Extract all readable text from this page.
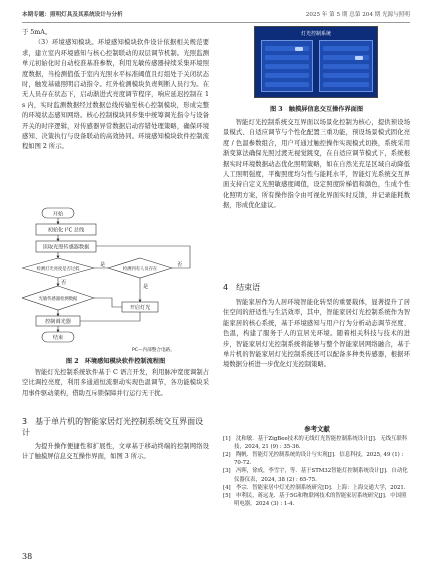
本期专题：照明灯具及其系统设计与分析	2025 年 第 5 期 总第 204 期 光源与照明

于 5mA。

（3）环境感知模块。环境感知模块软件设计依据相关规范要求，建立室内环境感知与核心控制联动的双层调节机制。光照监测单元初始化时自动校准基准参数，利用光敏传感器持续采集环境照度数据，当检测值低于室内光照水平标准阈值且灯组处于关闭状态时，触发基础照明启动指令。红外检测模块负责判断人员行为。在无人员存在状态下，启动渐进式亮度调节程序，响应延迟控制在 1 s 内，实时监测数据经过数据总线传输至核心控制模块，形成完整的环境状态感知网络。核心控制模块同步集中统筹调光指令与设备开关的时序逻辑，对传感器异常数据启动容错处理策略，确保环境感知、决策执行与设备联动的高效协同。环境感知模块软件控制流程如图 2 所示。

开始
初始化 I²C 总线
读取光照传感器数据
检测灯光亮度是否过低	检测到有人员存在
光敏传感器检测数据
开启灯光
控制调光器
结束
是
否
是
否
PC—内部整合电路。
图 2　环境感知模块软件控制流程图

智能灯光控制系统软件基于 C 语言开发，利用脉冲宽度调制占空比调控亮度，利用多通道恒流驱动实现色温调节，各功能模块采用事件驱动架构，借助互斥锁保障并行运行无干扰。

3　基于单片机的智能家居灯光控制系统交互界面设计

为提升操作便捷性和扩展性，文章基于移动终端的控制网络设计了触摸屏信息交互操作界面，如图 3 所示。

38
灯光控制系统
图 3　触摸屏信息交互操作界面图

智能灯光控制系统交互界面以场景化控制为核心，提供预设场景模式、自适应调节与个性化配置三重功能，预设场景模式固化亮度 / 色温参数组合，用户可通过触控操作实现模式切换，系统采用渐变算法确保光照过渡无视觉跳变，在自适应调节模式下，系统根据实时环境数据动态优化照明策略，如在自然光充足区域自动降低人工照明强度，平衡照度均匀性与能耗水平，智能灯光系统交互界面支持自定义光照敏感度阈值，设定照度阶梯值和颜色，生成个性化照明方案，所有操作指令由可视化界面实时反馈，并记录能耗数据，形成优化建议。

4　结束语

智能家居作为人居环境智能化转型的重要载体，显著提升了居住空间的舒适性与生活效率，其中，智能家居灯光控制系统作为智能家居的核心系统，基于环境感知与用户行为分析动态调节亮度、色温，构建了服务于人的宜居光环境。随着相关科技与技术的进步，智能家居灯光控制系统将能够与整个智能家居网络融合，基于单片机的智能家居灯光控制系统还可以配备多种类传感器，根据环境数据分析进一步优化灯光控制策略。

参考文献

[1]　沈和敏．基于ZigBee技术的无线灯光智能控制系统设计[J]．无线互联科技，2024, 21 (9) : 35-36.

[2]　陶帆．智能灯光控制系统的设计与实现[J]．信息科技，2025, 49 (1) : 70-72.

[3]　冯晖，徐成，李雪宇，等．基于STM32智能灯控制系统设计[J]．自动化仪器仪表，2024, 38 (2) : 65-75.

[4]　李宗．智能家居中灯光控制系统研究[D]．上海：上海交通大学，2021.

[5]　申利民，蒋远龙．基于5G和物联网技术的智能家居系统研究[J]．中国照明电器，2024 (3) : 1-4.
